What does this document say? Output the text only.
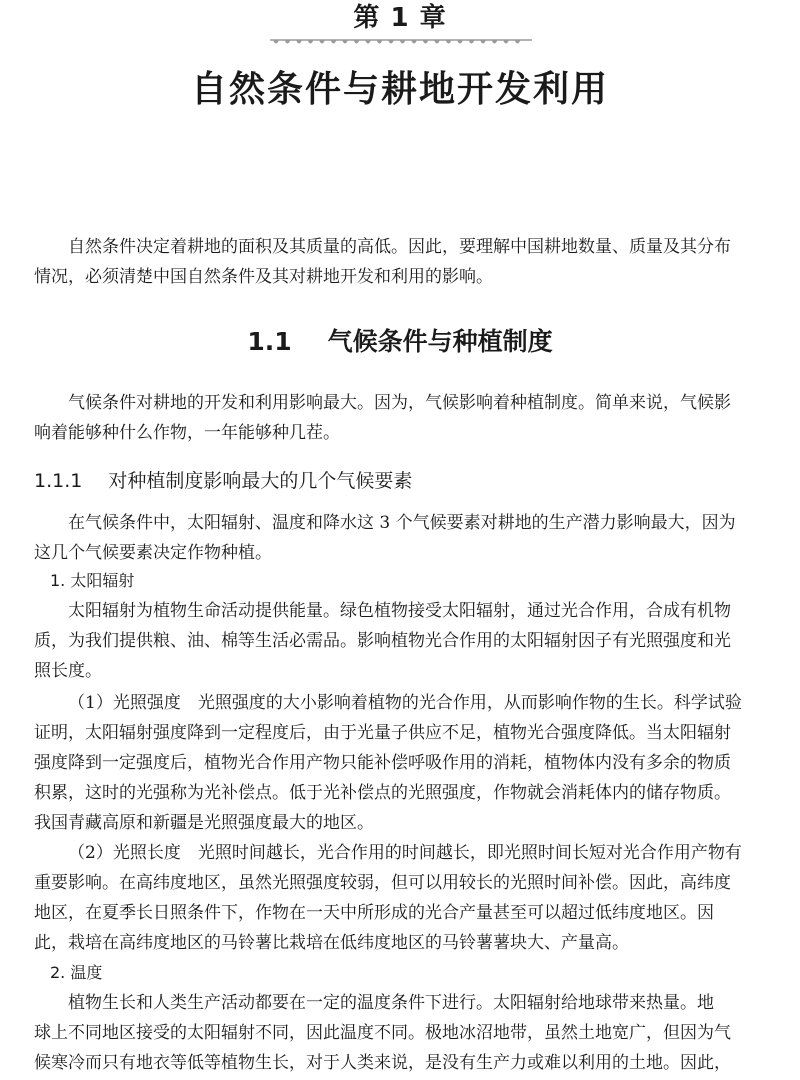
第 1 章
自然条件与耕地开发利用
自然条件决定着耕地的面积及其质量的高低。因此，要理解中国耕地数量、质量及其分布
情况，必须清楚中国自然条件及其对耕地开发和利用的影响。
1.1 气候条件与种植制度
气候条件对耕地的开发和利用影响最大。因为，气候影响着种植制度。简单来说，气候影
响着能够种什么作物，一年能够种几茬。
1.1.1 对种植制度影响最大的几个气候要素
在气候条件中，太阳辐射、温度和降水这 3 个气候要素对耕地的生产潜力影响最大，因为
这几个气候要素决定作物种植。
1. 太阳辐射
太阳辐射为植物生命活动提供能量。绿色植物接受太阳辐射，通过光合作用，合成有机物
质，为我们提供粮、油、棉等生活必需品。影响植物光合作用的太阳辐射因子有光照强度和光
照长度。
（1）光照强度　光照强度的大小影响着植物的光合作用，从而影响作物的生长。科学试验
证明，太阳辐射强度降到一定程度后，由于光量子供应不足，植物光合强度降低。当太阳辐射
强度降到一定强度后，植物光合作用产物只能补偿呼吸作用的消耗，植物体内没有多余的物质
积累，这时的光强称为光补偿点。低于光补偿点的光照强度，作物就会消耗体内的储存物质。
我国青藏高原和新疆是光照强度最大的地区。
（2）光照长度　光照时间越长，光合作用的时间越长，即光照时间长短对光合作用产物有
重要影响。在高纬度地区，虽然光照强度较弱，但可以用较长的光照时间补偿。因此，高纬度
地区，在夏季长日照条件下，作物在一天中所形成的光合产量甚至可以超过低纬度地区。因
此，栽培在高纬度地区的马铃薯比栽培在低纬度地区的马铃薯薯块大、产量高。
2. 温度
植物生长和人类生产活动都要在一定的温度条件下进行。太阳辐射给地球带来热量。地
球上不同地区接受的太阳辐射不同，因此温度不同。极地冰沼地带，虽然土地宽广，但因为气
候寒冷而只有地衣等低等植物生长，对于人类来说，是没有生产力或难以利用的土地。因此，
